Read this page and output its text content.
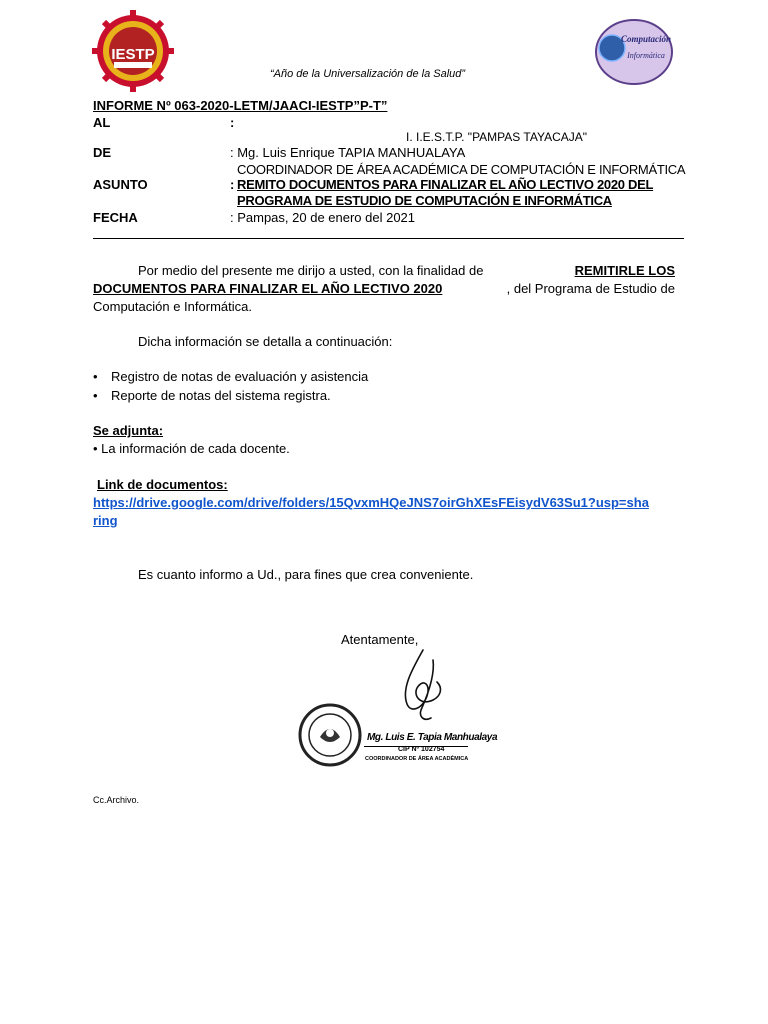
IESTP
“Año de la Universalización de la Salud”
Computación
Informática
INFORME Nº 063-2020-LETM/JAACI-IESTP”P-T”
AL	:
I. I.E.S.T.P. "PAMPAS TAYACAJA"
DE	: Mg. Luis Enrique TAPIA MANHUALAYA
COORDINADOR DE ÁREA ACADÉMICA DE COMPUTACIÓN E INFORMÁTICA
ASUNTO	: REMITO DOCUMENTOS PARA FINALIZAR EL AÑO LECTIVO 2020 DEL
PROGRAMA DE ESTUDIO DE COMPUTACIÓN E INFORMÁTICA
FECHA	: Pampas, 20 de enero del 2021
Por medio del presente me dirijo a usted, con la finalidad de	REMITIRLE LOS
DOCUMENTOS PARA FINALIZAR EL AÑO LECTIVO 2020	, del Programa de Estudio de
Computación e Informática.
Dicha información se detalla a continuación:
• Registro de notas de evaluación y asistencia
• Reporte de notas del sistema registra.
Se adjunta:
• La información de cada docente.
Link de documentos:
https://drive.google.com/drive/folders/15QvxmHQeJNS7oirGhXEsFEisydV63Su1?usp=sha
ring
Es cuanto informo a Ud., para fines que crea conveniente.
Atentamente,
Mg. Luis E. Tapia Manhualaya
CIP Nº 102754
COORDINADOR DE ÁREA ACADÉMICA
Cc.Archivo.
